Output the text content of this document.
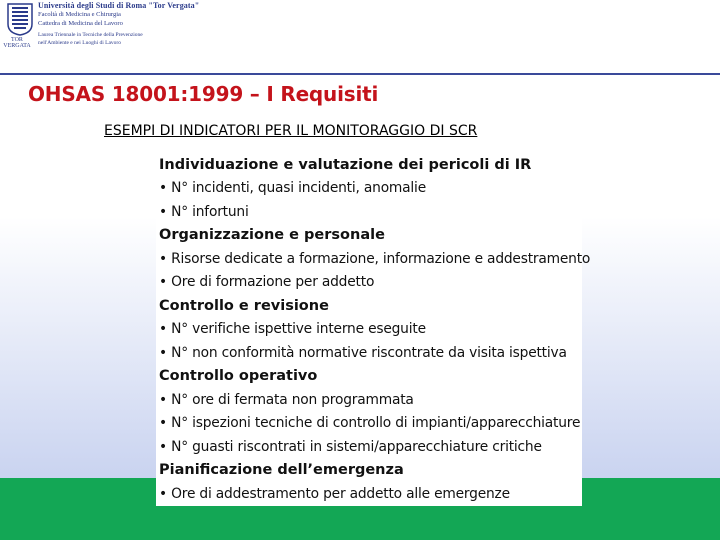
TOR VERGATA
Università degli Studi di Roma "Tor Vergata"
Facoltà di Medicina e Chirurgia
Cattedra di Medicina del Lavoro
Laurea Triennale in Tecniche della Prevenzione
nell'Ambiente e nei Luoghi di Lavoro
OHSAS 18001:1999 – I Requisiti
ESEMPI DI INDICATORI PER IL MONITORAGGIO DI SCR
Individuazione e valutazione dei pericoli di IR
• N° incidenti, quasi incidenti, anomalie
• N° infortuni
Organizzazione e personale
• Risorse dedicate a formazione, informazione e addestramento
• Ore di formazione per addetto
Controllo e revisione
• N° verifiche ispettive interne eseguite
• N° non conformità normative riscontrate da visita ispettiva
Controllo operativo
• N° ore di fermata non programmata
• N° ispezioni tecniche di controllo di impianti/apparecchiature
• N° guasti riscontrati in sistemi/apparecchiature critiche
Pianificazione dell’emergenza
• Ore di addestramento per addetto alle emergenze
